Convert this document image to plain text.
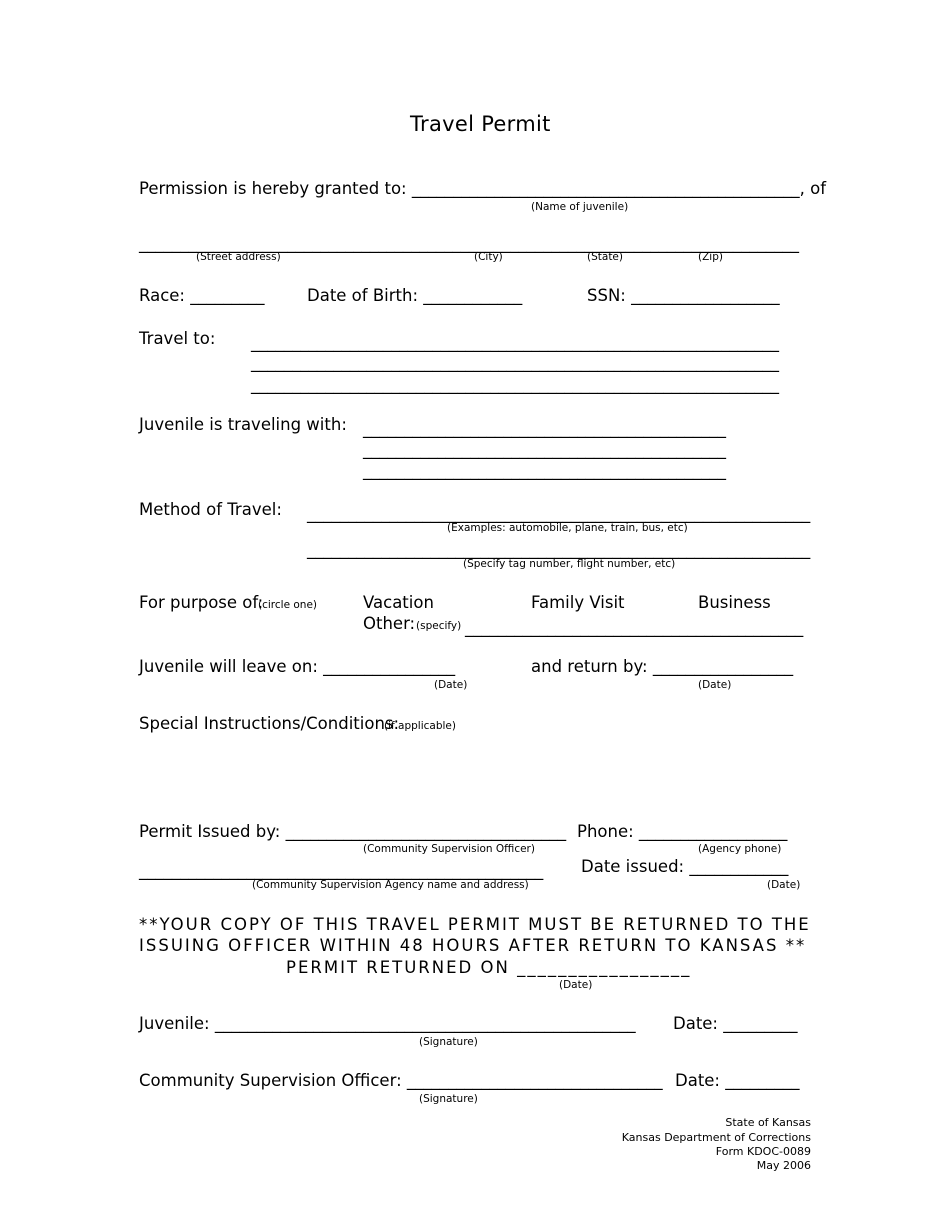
Travel Permit
Permission is hereby granted to: _______________________________________________, of
(Name of juvenile)
________________________________________________________________________________
(Street address)	(City)	(State)	(Zip)
Race: _________	Date of Birth: ____________	SSN: __________________
Travel to: ________________________________________________________________
________________________________________________________________
________________________________________________________________
Juvenile is traveling with: ____________________________________________
____________________________________________
____________________________________________
Method of Travel: _____________________________________________________________
(Examples: automobile, plane, train, bus, etc)
_____________________________________________________________
(Specify tag number, flight number, etc)
For purpose of:
(circle one)	Vacation	Family Visit	Business
Other: (specify) _________________________________________
Juvenile will leave on: ________________
(Date)
and return by: _________________
(Date)
Special Instructions/Conditions:
(if applicable)
Permit Issued by: __________________________________
(Community Supervision Officer)
Phone: __________________
(Agency phone)
_________________________________________________ Date issued: ____________
(Community Supervision Agency name and address)	(Date)
**YOUR COPY OF THIS TRAVEL PERMIT MUST BE RETURNED TO THE
ISSUING OFFICER WITHIN 48 HOURS AFTER RETURN TO KANSAS **
PERMIT RETURNED ON _________________
(Date)
Juvenile: ___________________________________________________ Date: _________
(Signature)
Community Supervision Officer: _______________________________ Date: _________
(Signature)
State of Kansas
Kansas Department of Corrections
Form KDOC-0089
May 2006
